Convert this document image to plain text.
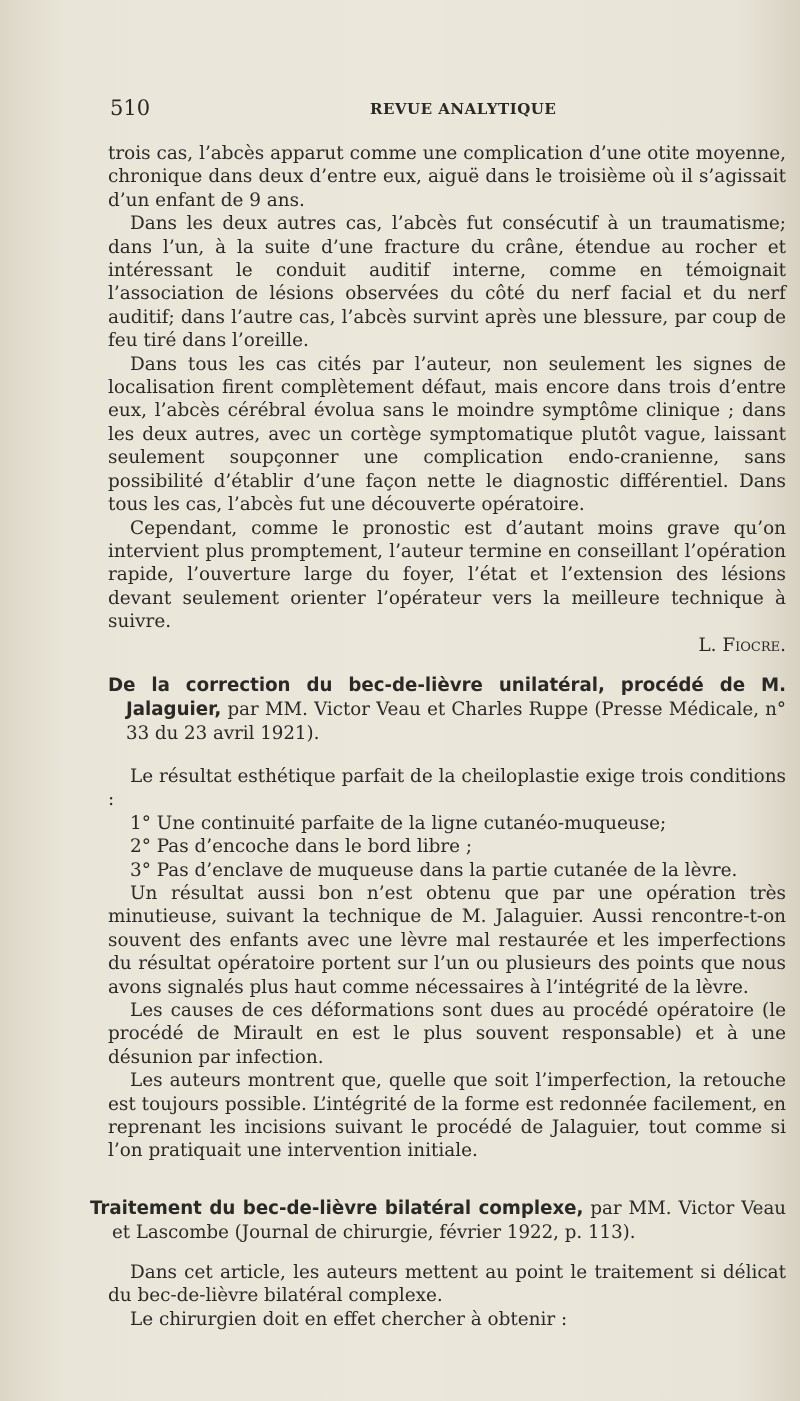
510	REVUE ANALYTIQUE

trois cas, l’abcès apparut comme une complication d’une otite moyenne, chronique dans deux d’entre eux, aiguë dans le troisième où il s’agissait d’un enfant de 9 ans.

Dans les deux autres cas, l’abcès fut consécutif à un traumatisme; dans l’un, à la suite d’une fracture du crâne, étendue au rocher et intéressant le conduit auditif interne, comme en témoignait l’association de lésions observées du côté du nerf facial et du nerf auditif; dans l’autre cas, l’abcès survint après une blessure, par coup de feu tiré dans l’oreille.

Dans tous les cas cités par l’auteur, non seulement les signes de localisation firent complètement défaut, mais encore dans trois d’entre eux, l’abcès cérébral évolua sans le moindre symptôme clinique ; dans les deux autres, avec un cortège symptomatique plutôt vague, laissant seulement soupçonner une complication endo-cranienne, sans possibilité d’établir d’une façon nette le diagnostic différentiel. Dans tous les cas, l’abcès fut une découverte opératoire.

Cependant, comme le pronostic est d’autant moins grave qu’on intervient plus promptement, l’auteur termine en conseillant l’opération rapide, l’ouverture large du foyer, l’état et l’extension des lésions devant seulement orienter l’opérateur vers la meilleure technique à suivre.

L. Fiocre.

De la correction du bec-de-lièvre unilatéral, procédé de M. Jalaguier, par MM. Victor Veau et Charles Ruppe (Presse Médicale, n° 33 du 23 avril 1921).

Le résultat esthétique parfait de la cheiloplastie exige trois conditions :

1° Une continuité parfaite de la ligne cutanéo-muqueuse;

2° Pas d’encoche dans le bord libre ;

3° Pas d’enclave de muqueuse dans la partie cutanée de la lèvre.

Un résultat aussi bon n’est obtenu que par une opération très minutieuse, suivant la technique de M. Jalaguier. Aussi rencontre-t-on souvent des enfants avec une lèvre mal restaurée et les imperfections du résultat opératoire portent sur l’un ou plusieurs des points que nous avons signalés plus haut comme nécessaires à l’intégrité de la lèvre.

Les causes de ces déformations sont dues au procédé opératoire (le procédé de Mirault en est le plus souvent responsable) et à une désunion par infection.

Les auteurs montrent que, quelle que soit l’imperfection, la retouche est toujours possible. L’intégrité de la forme est redonnée facilement, en reprenant les incisions suivant le procédé de Jalaguier, tout comme si l’on pratiquait une intervention initiale.

Traitement du bec-de-lièvre bilatéral complexe, par MM. Victor Veau et Lascombe (Journal de chirurgie, février 1922, p. 113).

Dans cet article, les auteurs mettent au point le traitement si délicat du bec-de-lièvre bilatéral complexe.

Le chirurgien doit en effet chercher à obtenir :
